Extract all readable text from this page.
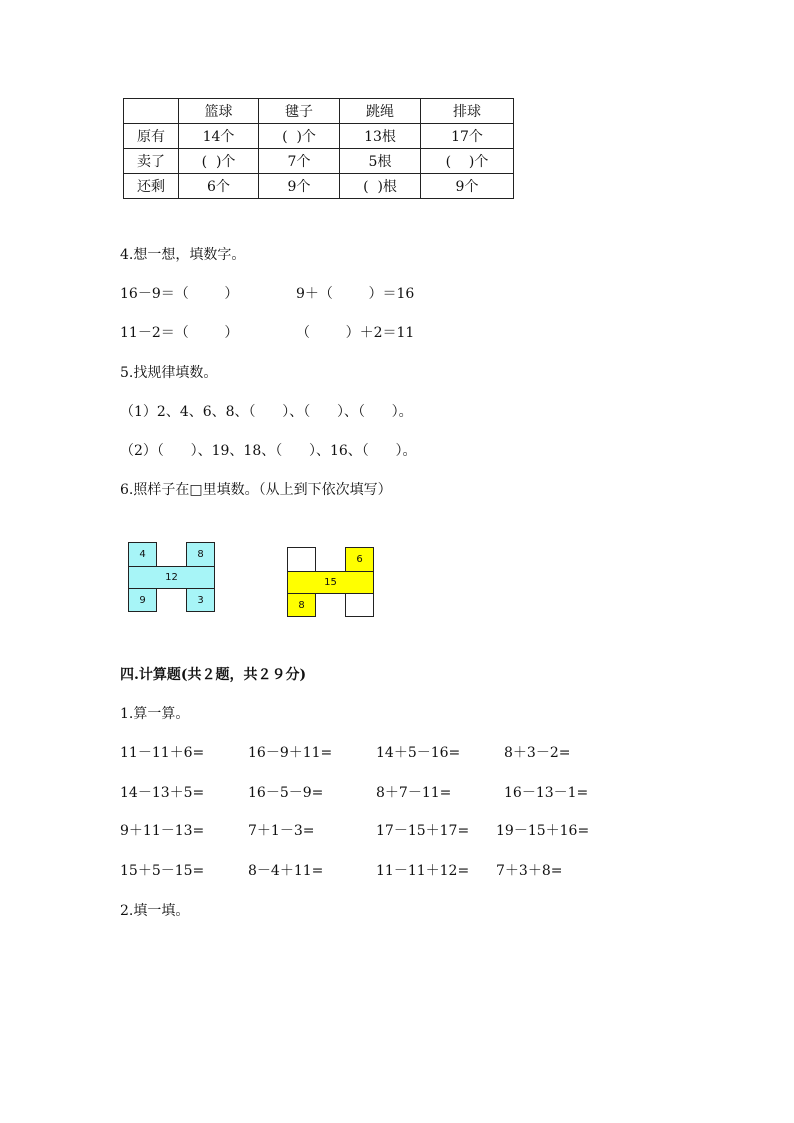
	篮球	毽子	跳绳	排球
原有	14个	(  )个	13根	17个
卖了	(  )个	7个	5根	(    )个
还剩	6个	9个	(  )根	9个
4.想一想，填数字。
16－9＝（        ）	9＋（        ）＝16
11－2＝（        ）	（        ）＋2＝11
5.找规律填数。
（1）2、4、6、8、（      ）、（      ）、（      ）。
（2）（      ）、19、18、（      ）、16、（      ）。
6.照样子在□里填数。（从上到下依次填写）
4	8
12
9	3
6
15
8
四.计算题(共２题，共２９分)
1.算一算。
11－11＋6=	16－9＋11=	14＋5－16=	8＋3－2=
14－13＋5=	16－5－9=	8＋7－11=	16－13－1=
9＋11－13=	7＋1－3=	17－15＋17= 19－15＋16=
15＋5－15=	8－4＋11=	11－11＋12= 7＋3＋8=
2.填一填。
